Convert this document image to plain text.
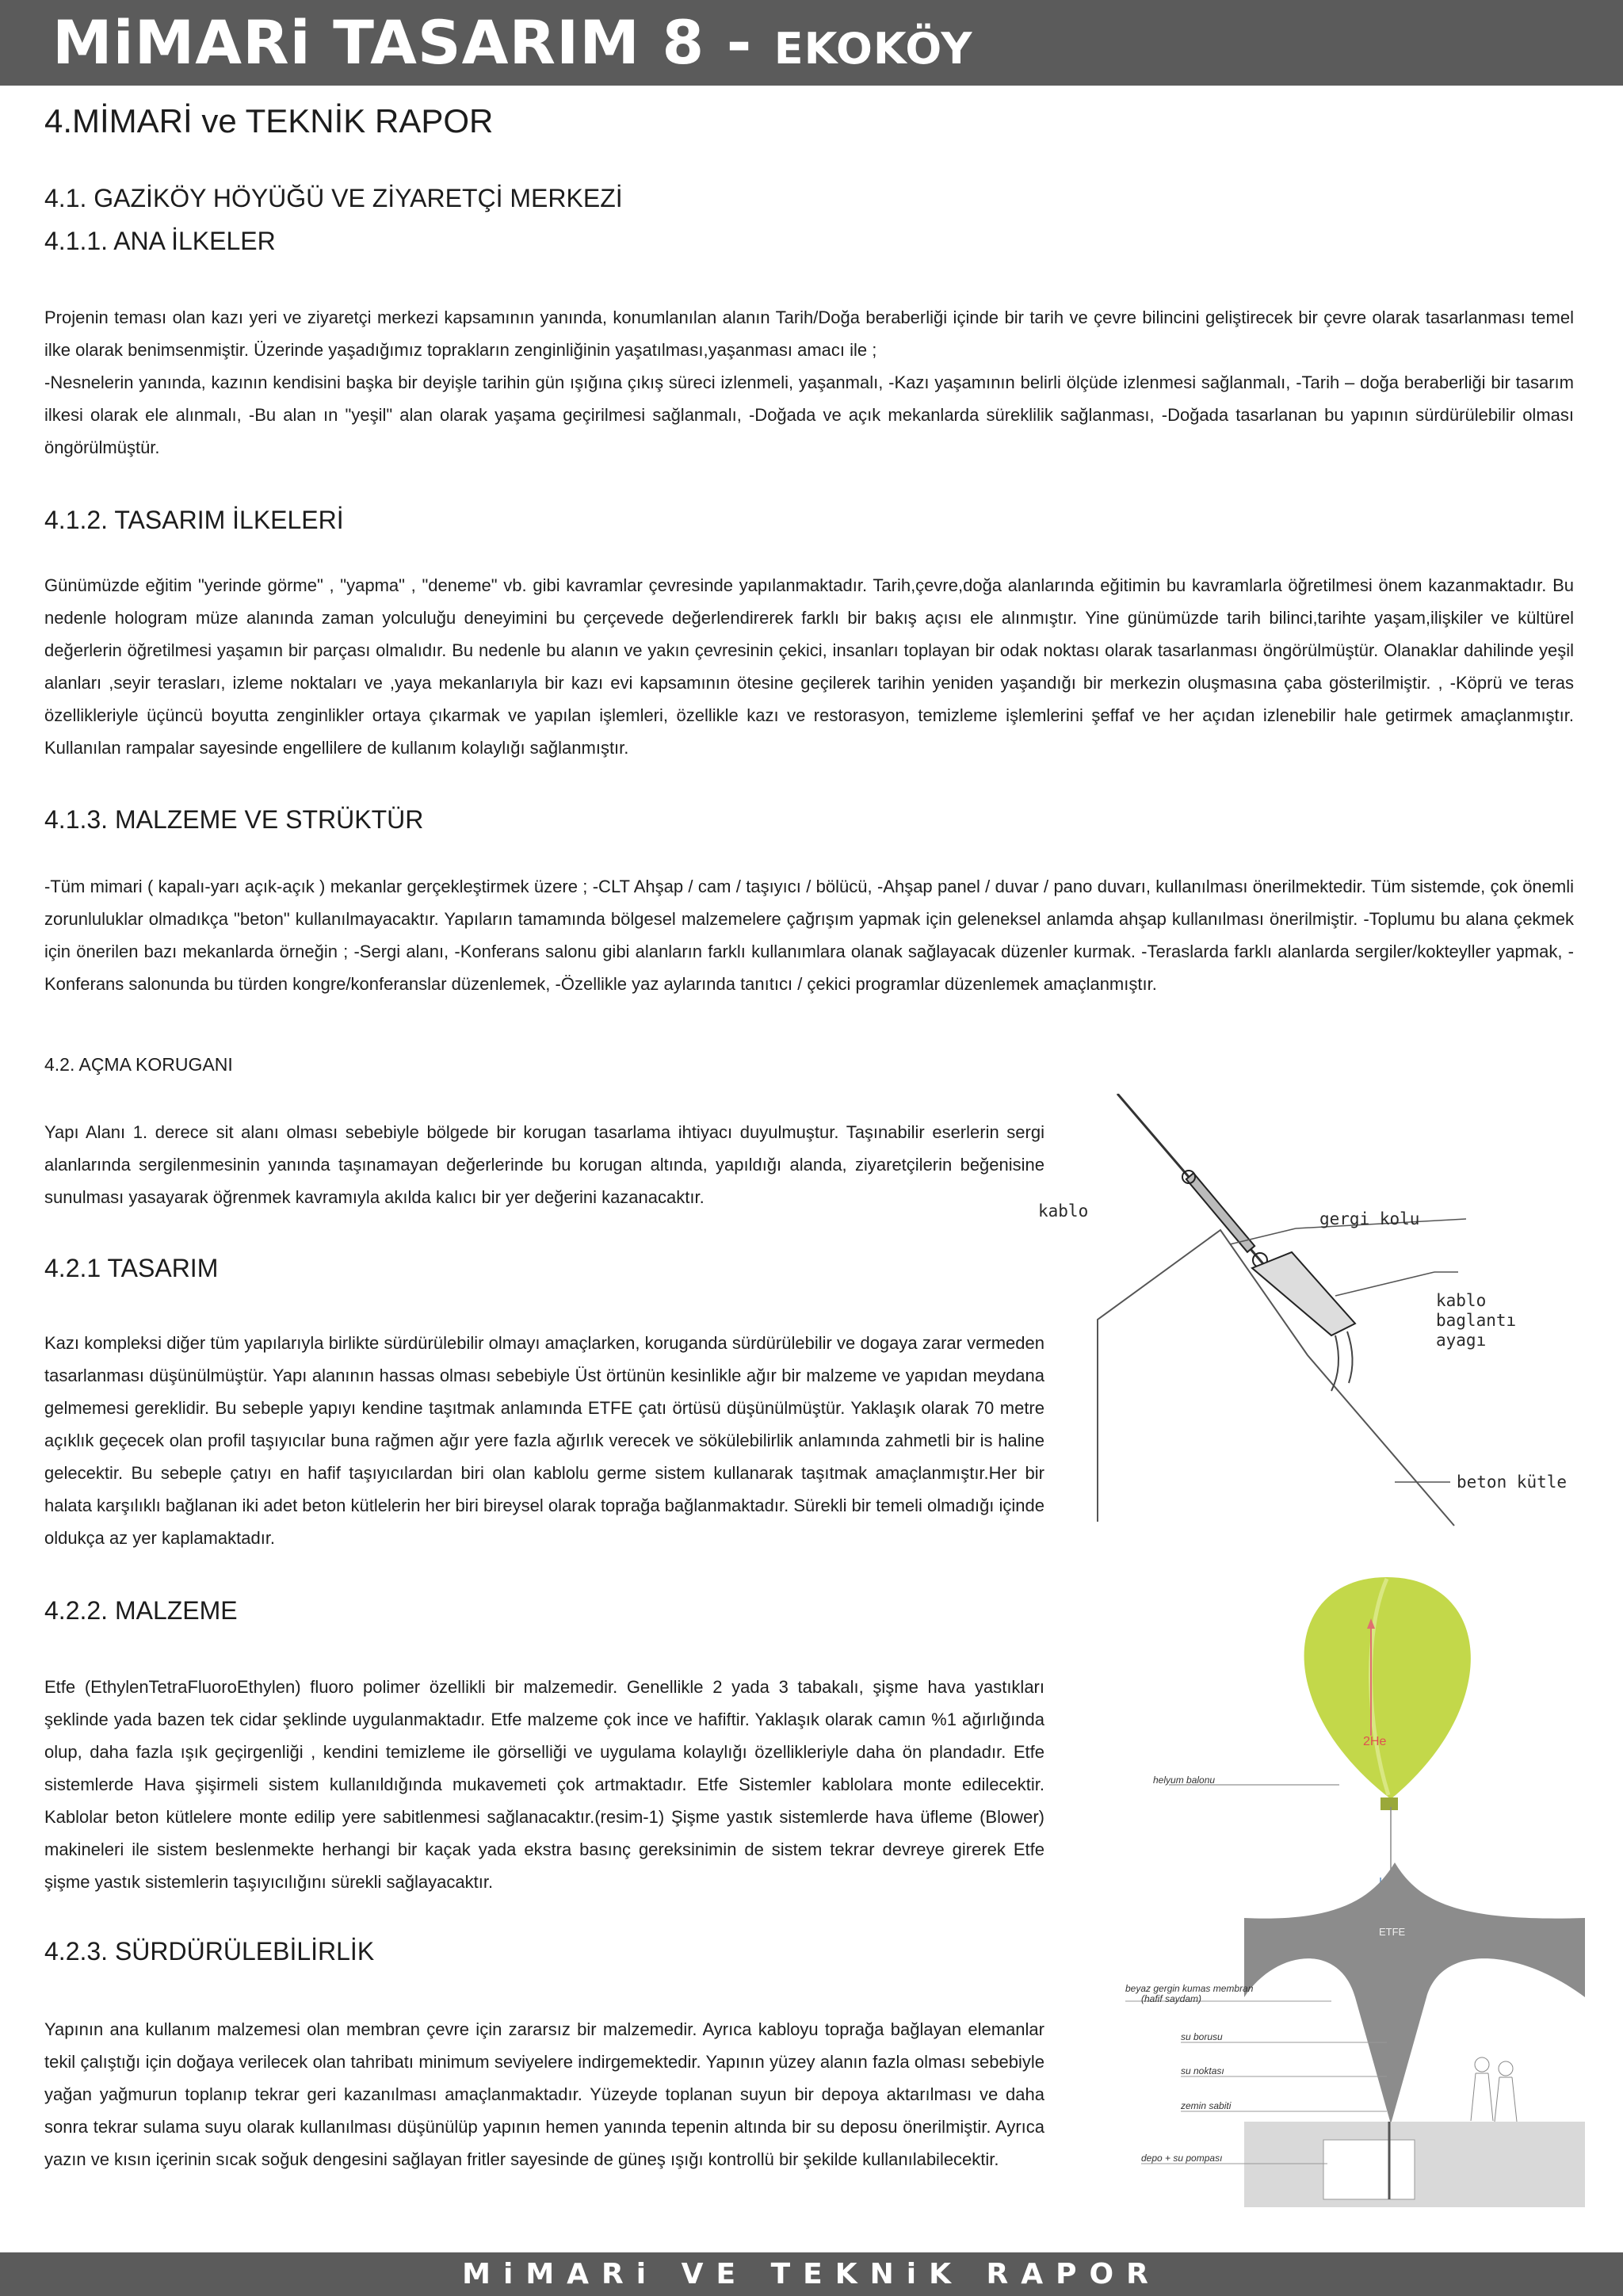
MiMARi TASARIM 8 - EKOKÖY
4.MİMARİ ve TEKNİK RAPOR
4.1. GAZİKÖY HÖYÜĞÜ VE ZİYARETÇİ MERKEZİ
4.1.1. ANA İLKELER
Projenin teması olan kazı yeri ve ziyaretçi merkezi kapsamının yanında, konumlanılan alanın Tarih/Doğa beraberliği içinde bir tarih ve çevre bilincini geliştirecek bir çevre olarak tasarlanması temel ilke olarak benimsenmiştir. Üzerinde yaşadığımız toprakların zenginliğinin yaşatılması,yaşanması amacı ile ;
-Nesnelerin yanında, kazının kendisini başka bir deyişle tarihin gün ışığına çıkış süreci izlenmeli, yaşanmalı, -Kazı yaşamının belirli ölçüde izlenmesi sağlanmalı, -Tarih – doğa beraberliği bir tasarım ilkesi olarak ele alınmalı, -Bu alan ın "yeşil" alan olarak yaşama geçirilmesi sağlanmalı, -Doğada ve açık mekanlarda süreklilik sağlanması, -Doğada tasarlanan bu yapının sürdürülebilir olması öngörülmüştür.
4.1.2. TASARIM İLKELERİ
Günümüzde eğitim "yerinde görme" , "yapma" , "deneme" vb. gibi kavramlar çevresinde yapılanmaktadır. Tarih,çevre,doğa alanlarında eğitimin bu kavramlarla öğretilmesi önem kazanmaktadır. Bu nedenle hologram müze alanında zaman yolculuğu deneyimini bu çerçevede değerlendirerek farklı bir bakış açısı ele alınmıştır. Yine günümüzde tarih bilinci,tarihte yaşam,ilişkiler ve kültürel değerlerin öğretilmesi yaşamın bir parçası olmalıdır. Bu nedenle bu alanın ve yakın çevresinin çekici, insanları toplayan bir odak noktası olarak tasarlanması öngörülmüştür. Olanaklar dahilinde yeşil alanları ,seyir terasları, izleme noktaları ve ,yaya mekanlarıyla bir kazı evi kapsamının ötesine geçilerek tarihin yeniden yaşandığı bir merkezin oluşmasına çaba gösterilmiştir. , -Köprü ve teras özellikleriyle üçüncü boyutta zenginlikler ortaya çıkarmak ve yapılan işlemleri, özellikle kazı ve restorasyon, temizleme işlemlerini şeffaf ve her açıdan izlenebilir hale getirmek amaçlanmıştır. Kullanılan rampalar sayesinde engellilere de kullanım kolaylığı sağlanmıştır.
4.1.3. MALZEME VE STRÜKTÜR
-Tüm mimari ( kapalı-yarı açık-açık ) mekanlar gerçekleştirmek üzere ; -CLT Ahşap / cam / taşıyıcı / bölücü, -Ahşap panel / duvar / pano duvarı, kullanılması önerilmektedir. Tüm sistemde, çok önemli zorunluluklar olmadıkça "beton" kullanılmayacaktır. Yapıların tamamında bölgesel malzemelere çağrışım yapmak için geleneksel anlamda ahşap kullanılması önerilmiştir. -Toplumu bu alana çekmek için önerilen bazı mekanlarda örneğin ; -Sergi alanı, -Konferans salonu gibi alanların farklı kullanımlara olanak sağlayacak düzenler kurmak. -Teraslarda farklı alanlarda sergiler/kokteyller yapmak, -Konferans salonunda bu türden kongre/konferanslar düzenlemek, -Özellikle yaz aylarında tanıtıcı / çekici programlar düzenlemek amaçlanmıştır.
4.2. AÇMA KORUGANI
Yapı Alanı 1. derece sit alanı olması sebebiyle bölgede bir korugan tasarlama ihtiyacı duyulmuştur. Taşınabilir eserlerin sergi alanlarında sergilenmesinin yanında taşınamayan değerlerinde bu korugan altında, yapıldığı alanda, ziyaretçilerin beğenisine sunulması yasayarak öğrenmek kavramıyla akılda kalıcı bir yer değerini kazanacaktır.
4.2.1 TASARIM
Kazı kompleksi diğer tüm yapılarıyla birlikte sürdürülebilir olmayı amaçlarken, koruganda sürdürülebilir ve dogaya zarar vermeden tasarlanması düşünülmüştür. Yapı alanının hassas olması sebebiyle Üst örtünün kesinlikle ağır bir malzeme ve yapıdan meydana gelmemesi gereklidir. Bu sebeple yapıyı kendine taşıtmak anlamında ETFE çatı örtüsü düşünülmüştür. Yaklaşık olarak 70 metre açıklık geçecek olan profil taşıyıcılar buna rağmen ağır yere fazla ağırlık verecek ve sökülebilirlik anlamında zahmetli bir is haline gelecektir. Bu sebeple çatıyı en hafif taşıyıcılardan biri olan kablolu germe sistem kullanarak taşıtmak amaçlanmıştır.Her bir halata karşılıklı bağlanan iki adet beton kütlelerin her biri bireysel olarak toprağa bağlanmaktadır. Sürekli bir temeli olmadığı içinde oldukça az yer kaplamaktadır.
4.2.2. MALZEME
Etfe (EthylenTetraFluoroEthylen) fluoro polimer özellikli bir malzemedir. Genellikle 2 yada 3 tabakalı, şişme hava yastıkları şeklinde yada bazen tek cidar şeklinde uygulanmaktadır. Etfe malzeme çok ince ve hafiftir. Yaklaşık olarak camın %1 ağırlığında olup, daha fazla ışık geçirgenliği , kendini temizleme ile görselliği ve uygulama kolaylığı özellikleriyle daha ön plandadır. Etfe sistemlerde Hava şişirmeli sistem kullanıldığında mukavemeti çok artmaktadır. Etfe Sistemler kablolara monte edilecektir. Kablolar beton kütlelere monte edilip yere sabitlenmesi sağlanacaktır.(resim-1) Şişme yastık sistemlerde hava üfleme (Blower) makineleri ile sistem beslenmekte herhangi bir kaçak yada ekstra basınç gereksinimin de sistem tekrar devreye girerek Etfe şişme yastık sistemlerin taşıyıcılığını sürekli sağlayacaktır.
4.2.3. SÜRDÜRÜLEBİLİRLİK
Yapının ana kullanım malzemesi olan membran çevre için zararsız bir malzemedir. Ayrıca kabloyu toprağa bağlayan elemanlar tekil çalıştığı için doğaya verilecek olan tahribatı minimum seviyelere indirgemektedir. Yapının yüzey alanın fazla olması sebebiyle yağan yağmurun toplanıp tekrar geri kazanılması amaçlanmaktadır. Yüzeyde toplanan suyun bir depoya aktarılması ve daha sonra tekrar sulama suyu olarak kullanılması düşünülüp yapının hemen yanında tepenin altında bir su deposu önerilmiştir. Ayrıca yazın ve kısın içerinin sıcak soğuk dengesini sağlayan fritler sayesinde de güneş ışığı kontrollü bir şekilde kullanılabilecektir.
kablo	gergi kolu
kablo
baglantı
ayagı
beton kütle
2He
helyum balonu
ETFE
beyaz gergin kumas membran
(hafif saydam)
su borusu
su noktası
zemin sabiti
depo + su pompası
MiMARi VE TEKNiK RAPOR
